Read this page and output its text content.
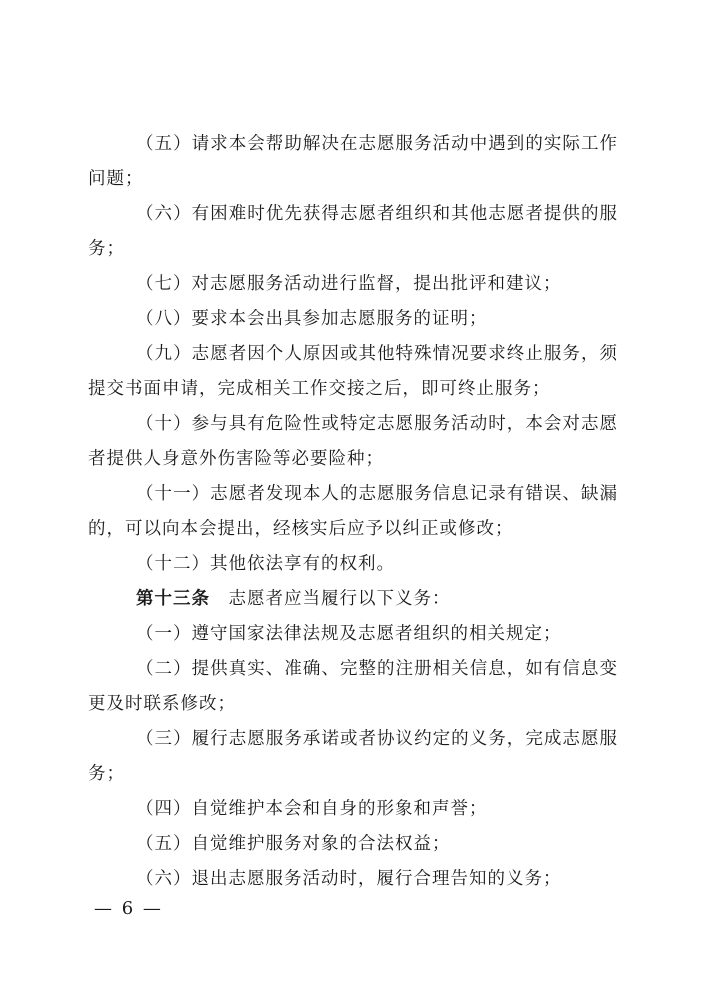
（五）请求本会帮助解决在志愿服务活动中遇到的实际工作问题；

（六）有困难时优先获得志愿者组织和其他志愿者提供的服务；

（七）对志愿服务活动进行监督，提出批评和建议；

（八）要求本会出具参加志愿服务的证明；

（九）志愿者因个人原因或其他特殊情况要求终止服务，须提交书面申请，完成相关工作交接之后，即可终止服务；

（十）参与具有危险性或特定志愿服务活动时，本会对志愿者提供人身意外伤害险等必要险种；

（十一）志愿者发现本人的志愿服务信息记录有错误、缺漏的，可以向本会提出，经核实后应予以纠正或修改；

（十二）其他依法享有的权利。

第十三条  志愿者应当履行以下义务：

（一）遵守国家法律法规及志愿者组织的相关规定；

（二）提供真实、准确、完整的注册相关信息，如有信息变更及时联系修改；

（三）履行志愿服务承诺或者协议约定的义务，完成志愿服务；

（四）自觉维护本会和自身的形象和声誉；

（五）自觉维护服务对象的合法权益；

（六）退出志愿服务活动时，履行合理告知的义务；

— 6 —
